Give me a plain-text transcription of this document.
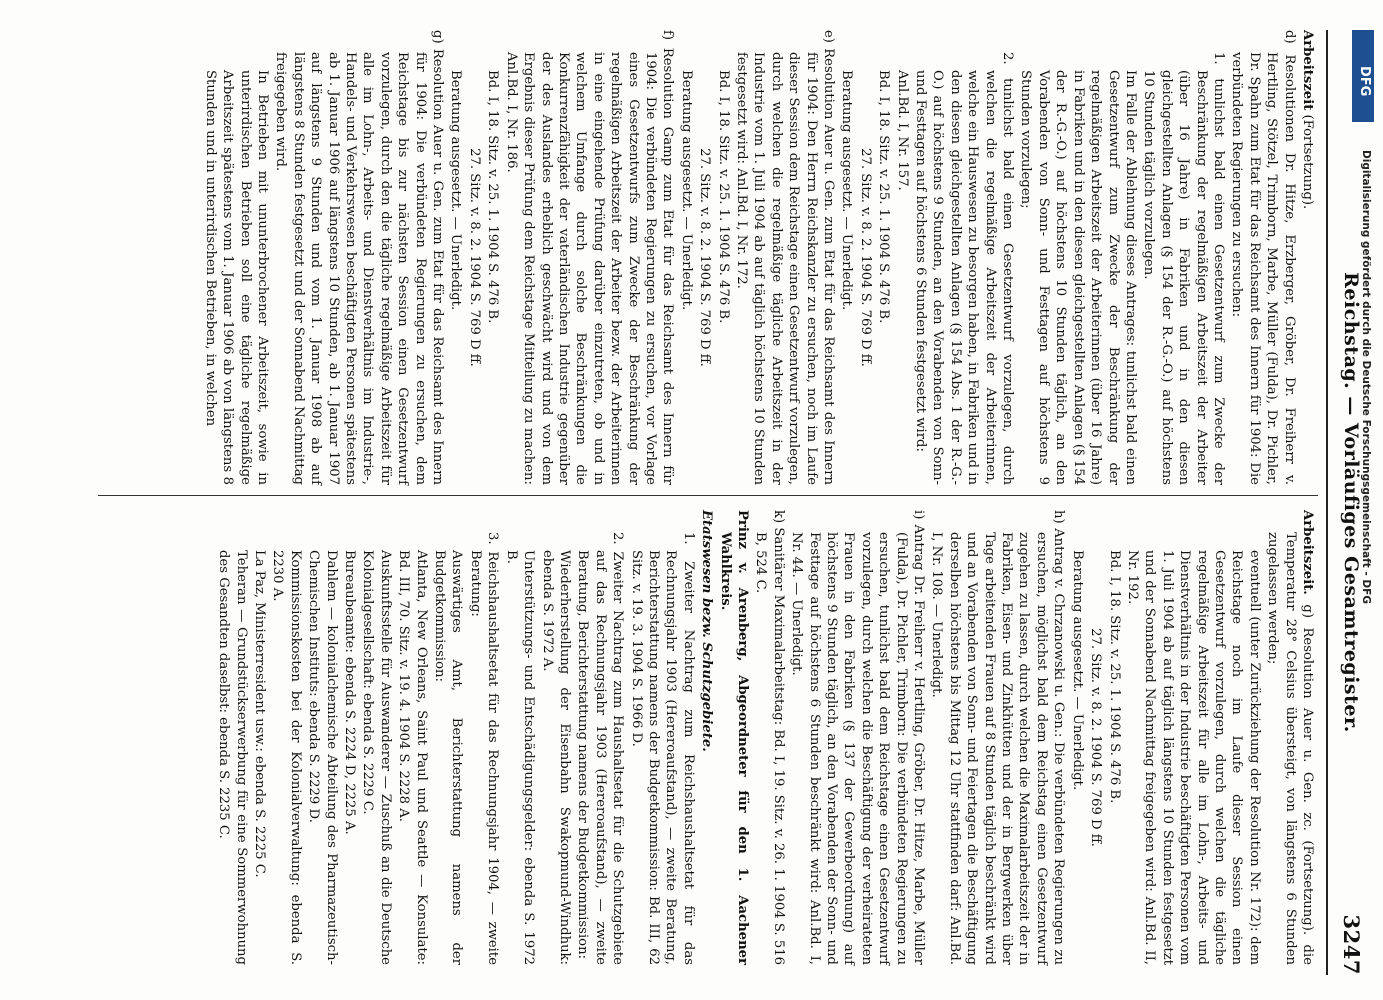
Reichstag. — Vorläufiges Gesamtregister.
3247

Arbeitszeit (Fortsetzung).

d) Resolutionen Dr. Hitze, Erzberger, Gröber, Dr. Freiherr v. Hertling, Stötzel, Trimborn, Marbe, Müller (Fulda), Dr. Pichler, Dr. Spahn zum Etat für das Reichsamt des Innern für 1904: Die verbündeten Regierungen zu ersuchen:

1. tunlichst bald einen Gesetzentwurf zum Zwecke der Beschränkung der regelmäßigen Arbeitszeit der Arbeiter (über 16 Jahre) in Fabriken und in den diesen gleichgestellten Anlagen (§ 154 der R.-G.-O.) auf höchstens 10 Stunden täglich vorzulegen.

Im Falle der Ablehnung dieses Antrages: tunlichst bald einen Gesetzentwurf zum Zwecke der Beschränkung der regelmäßigen Arbeitszeit der Arbeiterinnen (über 16 Jahre) in Fabriken und in den diesen gleichgestellten Anlagen (§ 154 der R.-G.-O.) auf höchstens 10 Stunden täglich, an den Vorabenden von Sonn- und Festtagen auf höchstens 9 Stunden vorzulegen;

2. tunlichst bald einen Gesetzentwurf vorzulegen, durch welchen die regelmäßige Arbeitszeit der Arbeiterinnen, welche ein Hauswesen zu besorgen haben, in Fabriken und in den diesen gleichgestellten Anlagen (§ 154 Abs. 1 der R.-G.-O.) auf höchstens 9 Stunden, an den Vorabenden von Sonn- und Festtagen auf höchstens 6 Stunden festgesetzt wird:

Anl.Bd. I, Nr. 157.

Bd. I, 18. Sitz. v. 25. 1. 1904 S. 476 B.

27. Sitz. v. 8. 2. 1904 S. 769 D ff.

Beratung ausgesetzt. — Unerledigt.

e) Resolution Auer u. Gen. zum Etat für das Reichsamt des Innern für 1904: Den Herrn Reichskanzler zu ersuchen, noch im Laufe dieser Session dem Reichstage einen Gesetzentwurf vorzulegen, durch welchen die regelmäßige tägliche Arbeitszeit in der Industrie vom 1. Juli 1904 ab auf täglich höchstens 10 Stunden festgesetzt wird: Anl.Bd. I, Nr. 172.

Bd. I, 18. Sitz. v. 25. 1. 1904 S. 476 B.

27. Sitz. v. 8. 2. 1904 S. 769 D ff.

Beratung ausgesetzt. — Unerledigt.

f) Resolution Gamp zum Etat für das Reichsamt des Innern für 1904: Die verbündeten Regierungen zu ersuchen, vor Vorlage eines Gesetzentwurfs zum Zwecke der Beschränkung der regelmäßigen Arbeitszeit der Arbeiter bezw. der Arbeiterinnen in eine eingehende Prüfung darüber einzutreten, ob und in welchem Umfange durch solche Beschränkungen die Konkurrenzfähigkeit der vaterländischen Industrie gegenüber der des Auslandes erheblich geschwächt wird und von dem Ergebnis dieser Prüfung dem Reichstage Mitteilung zu machen: Anl.Bd. I, Nr. 186.

Bd. I, 18. Sitz. v. 25. 1. 1904 S. 476 B.

27. Sitz. v. 8. 2. 1904 S. 769 D ff.

Beratung ausgesetzt. — Unerledigt.

g) Resolution Auer u. Gen. zum Etat für das Reichsamt des Innern für 1904: Die verbündeten Regierungen zu ersuchen, dem Reichstage bis zur nächsten Session einen Gesetzentwurf vorzulegen, durch den die tägliche regelmäßige Arbeitszeit für alle im Lohn-, Arbeits- und Dienstverhältnis im Industrie-, Handels- und Verkehrswesen beschäftigten Personen spätestens ab 1. Januar 1906 auf längstens 10 Stunden, ab 1. Januar 1907 auf längstens 9 Stunden und vom 1. Januar 1908 ab auf längstens 8 Stunden festgesetzt und der Sonnabend Nachmittag freigegeben wird.

In Betrieben mit ununterbrochener Arbeitszeit, sowie in unterirdischen Betrieben soll eine tägliche regelmäßige Arbeitszeit spätestens vom 1. Januar 1906 ab von längstens 8 Stunden und in unterirdischen Betrieben, in welchen

Arbeitszeit. g) Resolution Auer u. Gen. zc. (Fortsetzung). die Temperatur 28° Celsius übersteigt, von längstens 6 Stunden zugelassen werden;

eventuell (unter Zurückziehung der Resolution Nr. 172): dem Reichstage noch im Laufe dieser Session einen Gesetzentwurf vorzulegen, durch welchen die tägliche regelmäßige Arbeitszeit für alle im Lohn-, Arbeits- und Dienstverhältnis in der Industrie beschäftigten Personen vom 1. Juli 1904 ab auf täglich längstens 10 Stunden festgesetzt und der Sonnabend Nachmittag freigegeben wird: Anl.Bd. II, Nr. 192.

Bd. I, 18. Sitz. v. 25. 1. 1904 S. 476 B.

27. Sitz. v. 8. 2. 1904 S. 769 D ff.

Beratung ausgesetzt. — Unerledigt.

h) Antrag v. Chrzanowski u. Gen.: Die verbündeten Regierungen zu ersuchen, möglichst bald dem Reichstag einen Gesetzentwurf zugehen zu lassen, durch welchen die Maximalarbeitszeit der in Fabriken, Eisen- und Zinkhütten und der in Bergwerken über Tage arbeitenden Frauen auf 8 Stunden täglich beschränkt wird und an Vorabenden von Sonn- und Feiertagen die Beschäftigung derselben höchstens bis Mittag 12 Uhr stattfinden darf: Anl.Bd. I, Nr. 108. — Unerledigt.

i) Antrag Dr. Freiherr v. Hertling, Gröber, Dr. Hitze, Marbe, Müller (Fulda), Dr. Pichler, Trimborn: Die verbündeten Regierungen zu ersuchen, tunlichst bald dem Reichstage einen Gesetzentwurf vorzulegen, durch welchen die Beschäftigung der verheirateten Frauen in den Fabriken (§ 137 der Gewerbeordnung) auf höchstens 9 Stunden täglich, an den Vorabenden der Sonn- und Festtage auf höchstens 6 Stunden beschränkt wird: Anl.Bd. I, Nr. 44. — Unerledigt.

k) Sanitärer Maximalarbeitstag: Bd. I, 19. Sitz. v. 26. 1. 1904 S. 516 B, 524 C.

Prinz v. Arenberg, Abgeordneter für den 1. Aachener Wahlkreis.

Etatswesen bezw. Schutzgebiete.

1. Zweiter Nachtrag zum Reichshaushaltsetat für das Rechnungsjahr 1903 (Hereroaufstand), — zweite Beratung, Berichterstattung namens der Budgetkommission: Bd. III, 62 Sitz. v. 19. 3. 1904 S. 1966 D.

2. Zweiter Nachtrag zum Haushaltsetat für die Schutzgebiete auf das Rechnungsjahr 1903 (Hereroaufstand), — zweite Beratung, Berichterstattung namens der Budgetkommission:

Wiederherstellung der Eisenbahn Swakopmund-Windhuk: ebenda S. 1972 A.

Unterstützungs- und Entschädigungsgelder: ebenda S. 1972 B.

3. Reichshaushaltsetat für das Rechnungsjahr 1904, — zweite Beratung:

Auswärtiges Amt, Berichterstattung namens der Budgetkommission:

Atlanta, New Orleans, Saint Paul und Seattle — Konsulate: Bd. III, 70. Sitz. v. 19. 4. 1904 S. 2228 A.

Auskunftsstelle für Auswanderer — Zuschuß an die Deutsche Kolonialgesellschaft: ebenda S. 2229 C.

Bureaubeamte: ebenda S. 2224 D, 2225 A.

Dahlem — kolonialchemische Abteilung des Pharmazeutisch-Chemischen Instituts: ebenda S. 2229 D.

Kommissionskosten bei der Kolonialverwaltung: ebenda S. 2230 A.

La Paz, Ministerresident usw.: ebenda S. 2225 C.

Teheran — Grundstückserwerbung für eine Sommerwohnung des Gesandten daselbst: ebenda S. 2235 C.

DFG
Digitalisierung gefördert durch die Deutsche Forschungsgemeinschaft - DFG
